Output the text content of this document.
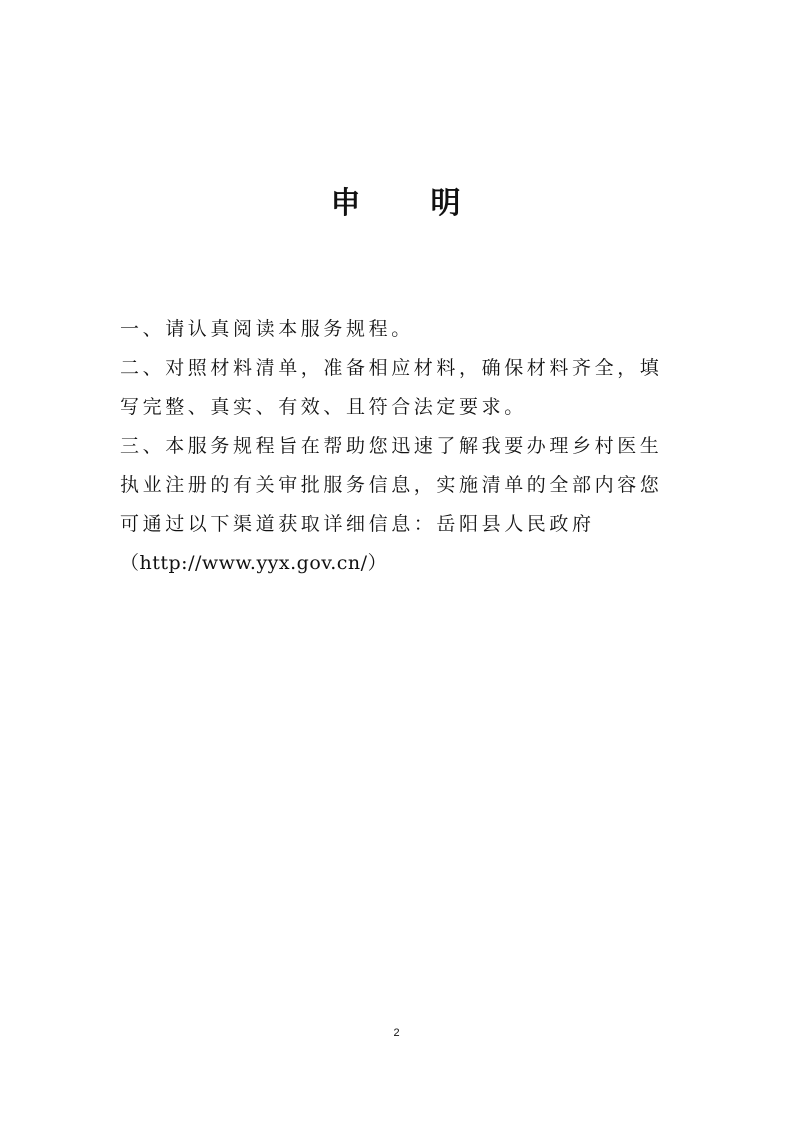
申 明

一、请认真阅读本服务规程。

二、对照材料清单，准备相应材料，确保材料齐全，填写完整、真实、有效、且符合法定要求。

三、本服务规程旨在帮助您迅速了解我要办理乡村医生执业注册的有关审批服务信息，实施清单的全部内容您可通过以下渠道获取详细信息：岳阳县人民政府

（http://www.yyx.gov.cn/）

2
